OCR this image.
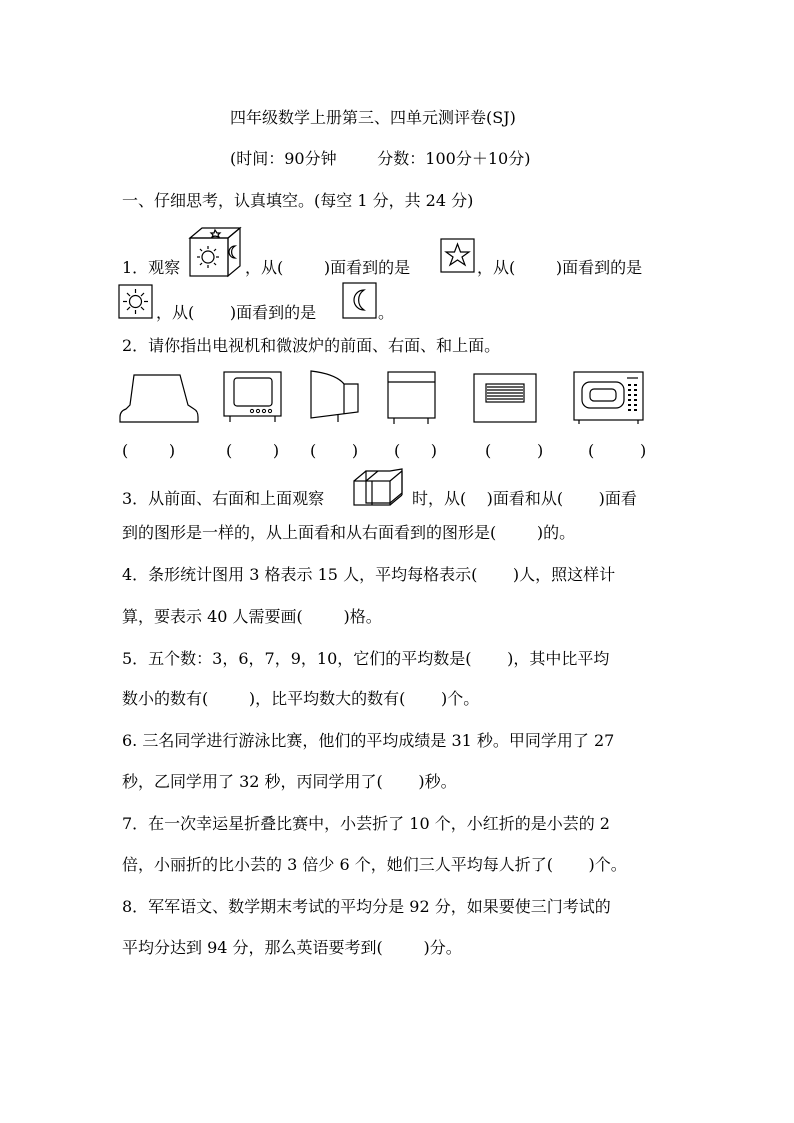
四年级数学上册第三、四单元测评卷(SJ)
(时间：90分钟        分数：100分＋10分)
一、仔细思考，认真填空。(每空 1 分，共 24 分)
1．观察	，从(        )面看到的是	，从(        )面看到的是
，从(       )面看到的是	。
2．请你指出电视机和微波炉的前面、右面、和上面。
(        )	(        ) (       ) (      )	(         )	(         )
3．从前面、右面和上面观察	时，从(    )面看和从(       )面看
到的图形是一样的，从上面看和从右面看到的图形是(        )的。
4．条形统计图用 3 格表示 15 人，平均每格表示(       )人，照这样计
算，要表示 40 人需要画(        )格。
5．五个数：3，6，7，9，10，它们的平均数是(       )，其中比平均
数小的数有(        )，比平均数大的数有(       )个。
6. 三名同学进行游泳比赛，他们的平均成绩是 31 秒。甲同学用了 27
秒，乙同学用了 32 秒，丙同学用了(       )秒。
7．在一次幸运星折叠比赛中，小芸折了 10 个，小红折的是小芸的 2
倍，小丽折的比小芸的 3 倍少 6 个，她们三人平均每人折了(       )个。
8．军军语文、数学期末考试的平均分是 92 分，如果要使三门考试的
平均分达到 94 分，那么英语要考到(        )分。
